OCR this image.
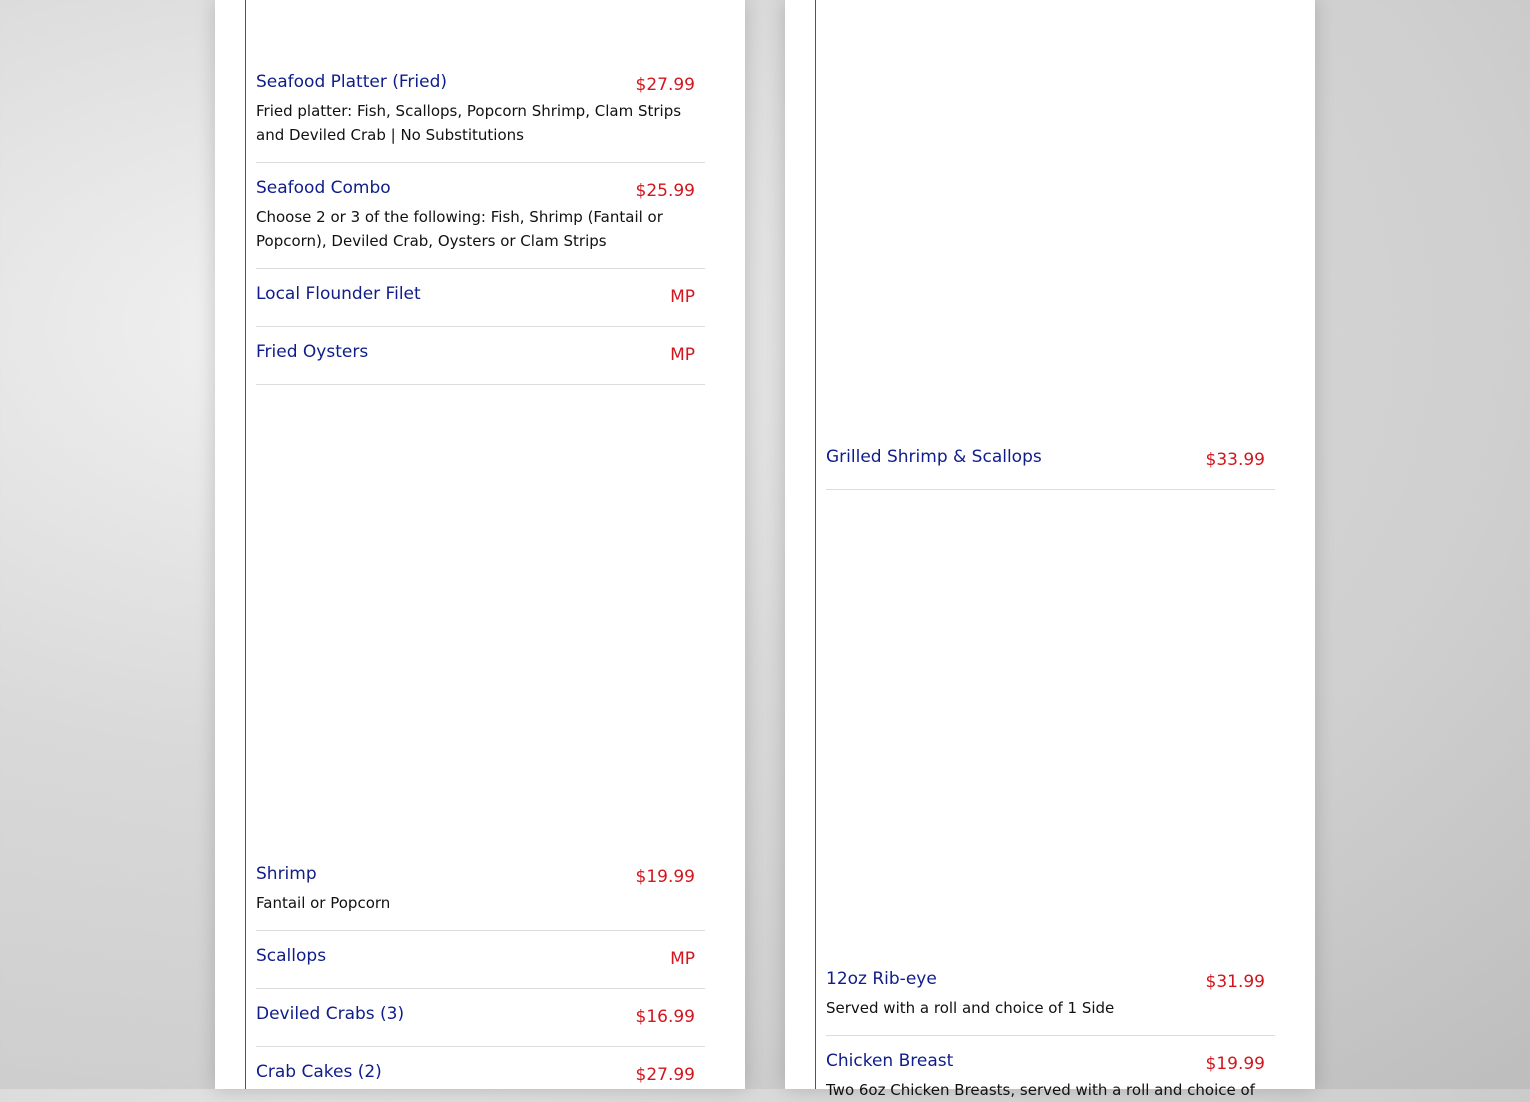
Seafood Platter (Fried)	$27.99
Fried platter: Fish, Scallops, Popcorn Shrimp, Clam Strips and Deviled Crab | No Substitutions
Seafood Combo	$25.99
Choose 2 or 3 of the following: Fish, Shrimp (Fantail or Popcorn), Deviled Crab, Oysters or Clam Strips
Local Flounder Filet	MP
Fried Oysters	MP
Shrimp	$19.99
Fantail or Popcorn
Scallops	MP
Deviled Crabs (3)	$16.99
Crab Cakes (2)	$27.99
Grilled Shrimp & Scallops	$33.99
12oz Rib-eye	$31.99
Served with a roll and choice of 1 Side
Chicken Breast	$19.99
Two 6oz Chicken Breasts, served with a roll and choice of
